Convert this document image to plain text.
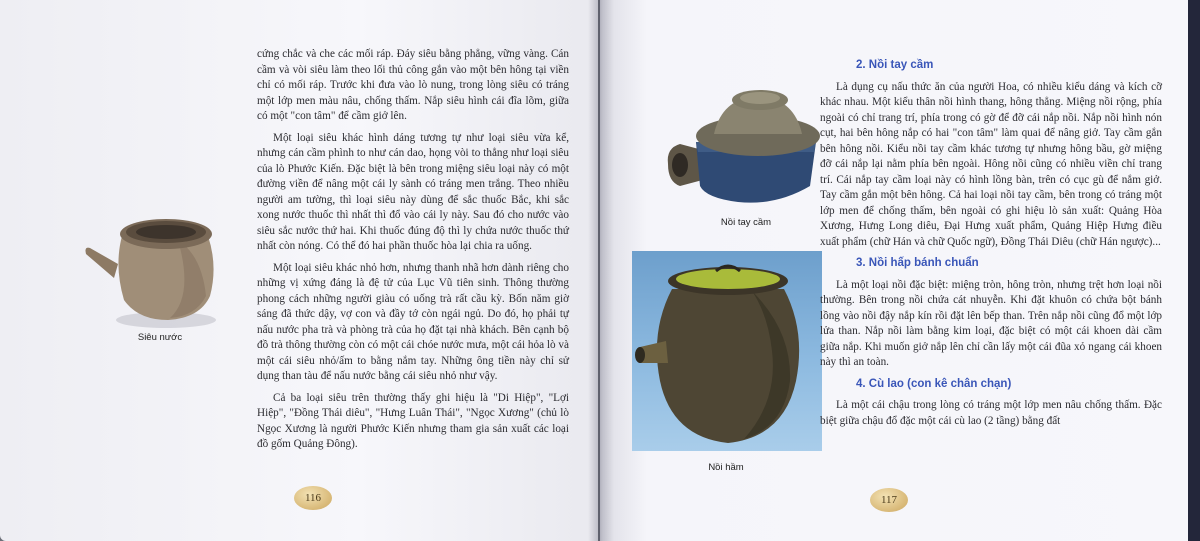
Siêu nước

cứng chắc và che các mối ráp. Đáy siêu bằng phẳng, vững vàng. Cán cầm và vòi siêu làm theo lối thủ công gắn vào một bên hông tại viền chỉ có mối ráp. Trước khi đưa vào lò nung, trong lòng siêu có tráng một lớp men màu nâu, chống thấm. Nắp siêu hình cái đĩa lõm, giữa có một "con tâm" để cầm giở lên.

Một loại siêu khác hình dáng tương tự như loại siêu vừa kể, nhưng cán cầm phình to như cán dao, họng vòi to thẳng như loại siêu của lò Phước Kiến. Đặc biệt là bên trong miệng siêu loại này có một đường viền để nâng một cái ly sành có tráng men trắng. Theo nhiều người am tường, thì loại siêu này dùng để sắc thuốc Bắc, khi sắc xong nước thuốc thì nhất thì đổ vào cái ly này. Sau đó cho nước vào siêu sắc nước thứ hai. Khi thuốc đúng độ thì ly chứa nước thuốc thứ nhất còn nóng. Có thể đó hai phần thuốc hòa lại chia ra uống.

Một loại siêu khác nhỏ hơn, nhưng thanh nhã hơn dành riêng cho những vị xứng đáng là đệ tử của Lục Vũ tiên sinh. Thông thường phong cách những người giàu có uống trà rất cầu kỳ. Bốn năm giờ sáng đã thức dậy, vợ con và đầy tớ còn ngái ngủ. Do đó, họ phải tự nấu nước pha trà và phòng trà của họ đặt tại nhà khách. Bên cạnh bộ đồ trà thông thường còn có một cái chóe nước mưa, một cái hỏa lò và một cái siêu nhỏ/ấm to bằng nắm tay. Những ông tiền này chỉ sử dụng than tàu để nấu nước bằng cái siêu nhỏ như vậy.

Cả ba loại siêu trên thường thấy ghi hiệu là "Di Hiệp", "Lợi Hiệp", "Đồng Thái diêu", "Hưng Luân Thái", "Ngọc Xương" (chủ lò Ngọc Xương là người Phước Kiến nhưng tham gia sản xuất các loại đồ gốm Quảng Đông).

116
Nồi tay cầm
Nồi hầm
117
2. Nồi tay cầm

Là dụng cụ nấu thức ăn của người Hoa, có nhiều kiểu dáng và kích cỡ khác nhau. Một kiểu thân nồi hình thang, hông thẳng. Miệng nồi rộng, phía ngoài có chỉ trang trí, phía trong có gờ để đỡ cái nắp nồi. Nắp nồi hình nón cụt, hai bên hông nắp có hai "con tâm" làm quai để nâng giở. Tay cầm gắn bên hông nồi. Kiểu nồi tay cầm khác tương tự nhưng hông bầu, gờ miệng đỡ cái nắp lại nằm phía bên ngoài. Hông nồi cũng có nhiều viền chỉ trang trí. Cái nắp tay cầm loại này có hình lồng bàn, trên có cục gù để nắm giở. Tay cầm gắn một bên hông. Cả hai loại nồi tay cầm, bên trong có tráng một lớp men để chống thấm, bên ngoài có ghi hiệu lò sản xuất: Quảng Hòa Xương, Hưng Long diêu, Đại Hưng xuất phẩm, Quảng Hiệp Hưng điều xuất phẩm (chữ Hán và chữ Quốc ngữ), Đồng Thái Diêu (chữ Hán ngược)...

3. Nồi hấp bánh chuẩn

Là một loại nồi đặc biệt: miệng tròn, hông tròn, nhưng trệt hơn loại nồi thường. Bên trong nồi chứa cát nhuyễn. Khi đặt khuôn có chứa bột bánh lồng vào nồi đậy nắp kín rồi đặt lên bếp than. Trên nắp nồi cũng đổ một lớp lửa than. Nắp nồi làm bằng kim loại, đặc biệt có một cái khoen dài cầm giữa nắp. Khi muốn giở nắp lên chỉ cần lấy một cái đũa xỏ ngang cái khoen này thì an toàn.

4. Cù lao (con kê chân chạn)

Là một cái chậu trong lòng có tráng một lớp men nâu chống thấm. Đặc biệt giữa chậu đổ đặc một cái cù lao (2 tầng) bằng đất
